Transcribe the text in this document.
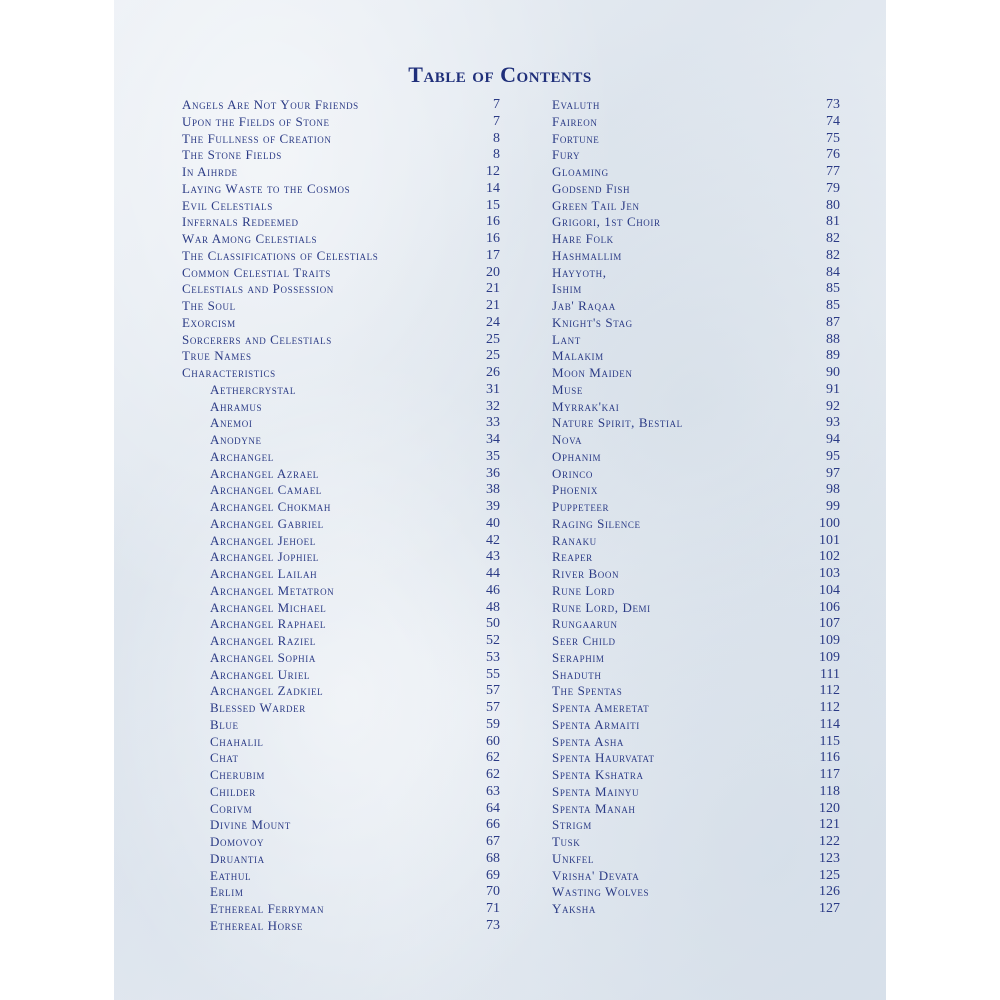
Table of Contents
Angels Are Not Your Friends	7
Upon the Fields of Stone	7
The Fullness of Creation	8
The Stone Fields	8
In Aihrde	12
Laying Waste to the Cosmos	14
Evil Celestials	15
Infernals Redeemed	16
War Among Celestials	16
The Classifications of Celestials	17
Common Celestial Traits	20
Celestials and Possession	21
The Soul	21
Exorcism	24
Sorcerers and Celestials	25
True Names	25
Characteristics	26
Aethercrystal	31
Ahramus	32
Anemoi	33
Anodyne	34
Archangel	35
Archangel Azrael	36
Archangel Camael	38
Archangel Chokmah	39
Archangel Gabriel	40
Archangel Jehoel	42
Archangel Jophiel	43
Archangel Lailah	44
Archangel Metatron	46
Archangel Michael	48
Archangel Raphael	50
Archangel Raziel	52
Archangel Sophia	53
Archangel Uriel	55
Archangel Zadkiel	57
Blessed Warder	57
Blue	59
Chahalil	60
Chat	62
Cherubim	62
Childer	63
Corivm	64
Divine Mount	66
Domovoy	67
Druantia	68
Eathul	69
Erlim	70
Ethereal Ferryman	71
Ethereal Horse	73
Evaluth	73
Faireon	74
Fortune	75
Fury	76
Gloaming	77
Godsend Fish	79
Green Tail Jen	80
Grigori, 1st Choir	81
Hare Folk	82
Hashmallim	82
Hayyoth,	84
Ishim	85
Jab' Raqaa	85
Knight's Stag	87
Lant	88
Malakim	89
Moon Maiden	90
Muse	91
Myrrak'kai	92
Nature Spirit, Bestial	93
Nova	94
Ophanim	95
Orinco	97
Phoenix	98
Puppeteer	99
Raging Silence	100
Ranaku	101
Reaper	102
River Boon	103
Rune Lord	104
Rune Lord, Demi	106
Rungaarun	107
Seer Child	109
Seraphim	109
Shaduth	111
The Spentas	112
Spenta Ameretat	112
Spenta Armaiti	114
Spenta Asha	115
Spenta Haurvatat	116
Spenta Kshatra	117
Spenta Mainyu	118
Spenta Manah	120
Strigm	121
Tusk	122
Unkfel	123
Vrisha' Devata	125
Wasting Wolves	126
Yaksha	127
